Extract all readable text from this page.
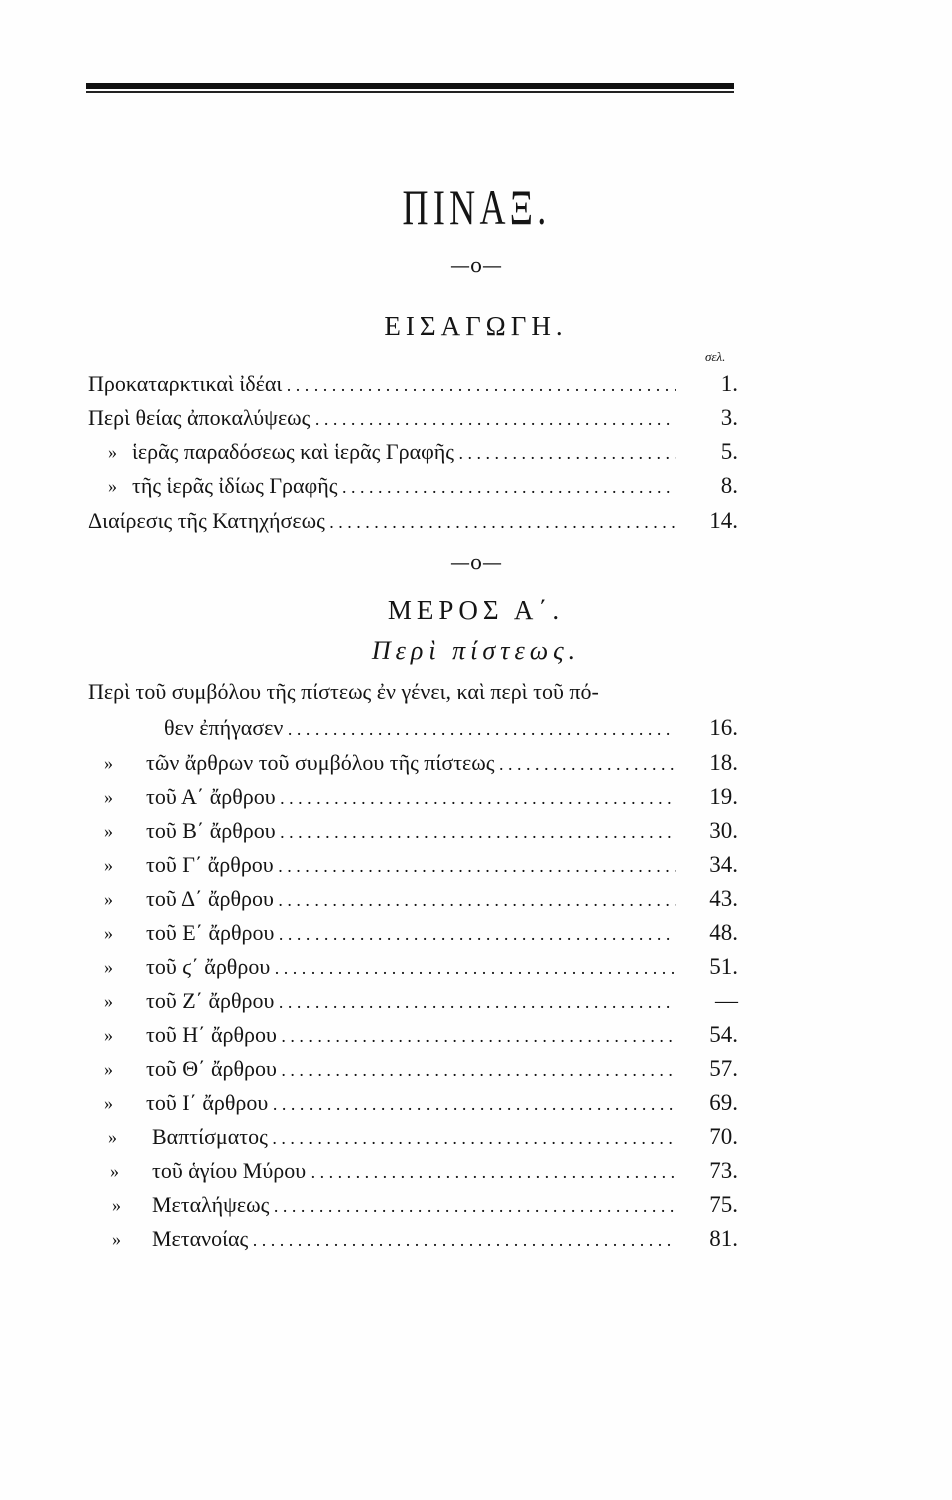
ΠΙΝΑΞ.
—ο—
ΕΙΣΑΓΩΓΗ.
σελ.
Προκαταρκτικαὶ ἰδέαι . . .	1.
Περὶ θείας ἀποκαλύψεως . . .	3.
» ἱερᾶς παραδόσεως καὶ ἱερᾶς Γραφῆς . . .	5.
» τῆς ἱερᾶς ἰδίως Γραφῆς . . .	8.
Διαίρεσις τῆς Κατηχήσεως . . .	14.
—ο—
ΜΕΡΟΣ Α΄.
Περὶ πίστεως.
Περὶ τοῦ συμβόλου τῆς πίστεως ἐν γένει, καὶ περὶ τοῦ πό-
θεν ἐπήγασεν . . .	16.
»	τῶν ἄρθρων τοῦ συμβόλου τῆς πίστεως . . .	18.
»	τοῦ Α΄ ἄρθρου . . .	19.
»	τοῦ Β΄ ἄρθρου . . .	30.
»	τοῦ Γ΄ ἄρθρου . . .	34.
»	τοῦ Δ΄ ἄρθρου . . .	43.
»	τοῦ Ε΄ ἄρθρου . . .	48.
»	τοῦ ϛ΄ ἄρθρου . . .	51.
»	τοῦ Ζ΄ ἄρθρου . . .	—
»	τοῦ Η΄ ἄρθρου . . .	54.
»	τοῦ Θ΄ ἄρθρου . . .	57.
»	τοῦ Ι΄ ἄρθρου . . .	69.
»	Βαπτίσματος . . .	70.
»	τοῦ ἁγίου Μύρου . . .	73.
»	Μεταλήψεως . . .	75.
»	Μετανοίας . . .	81.
